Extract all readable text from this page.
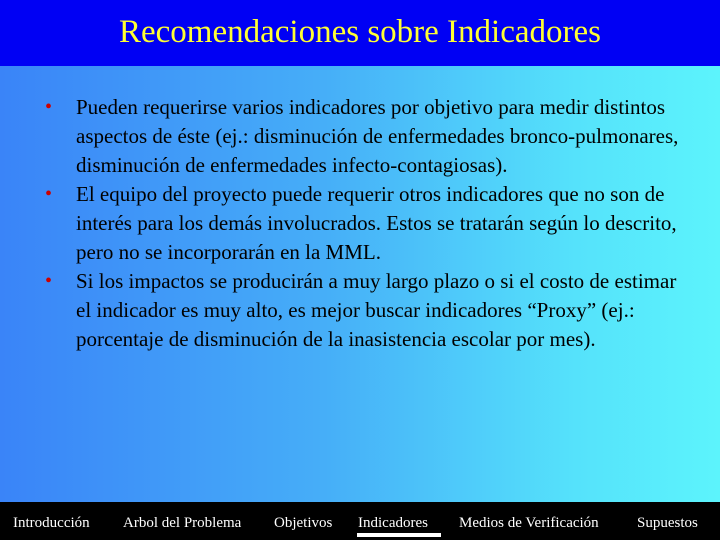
Recomendaciones sobre Indicadores
• Pueden requerirse varios indicadores por objetivo para medir distintos aspectos de éste (ej.: disminución de enfermedades bronco-pulmonares, disminución de enfermedades infecto-contagiosas).
• El equipo del proyecto puede requerir otros indicadores que no son de interés para los demás involucrados. Estos se tratarán según lo descrito, pero no se incorporarán en la MML.
• Si los impactos se producirán a muy largo plazo o si el costo de estimar el indicador es muy alto, es mejor buscar indicadores “Proxy” (ej.: porcentaje de disminución de la inasistencia escolar por mes).
Introducción Arbol del Problema Objetivos Indicadores Medios de Verificación	Supuestos
